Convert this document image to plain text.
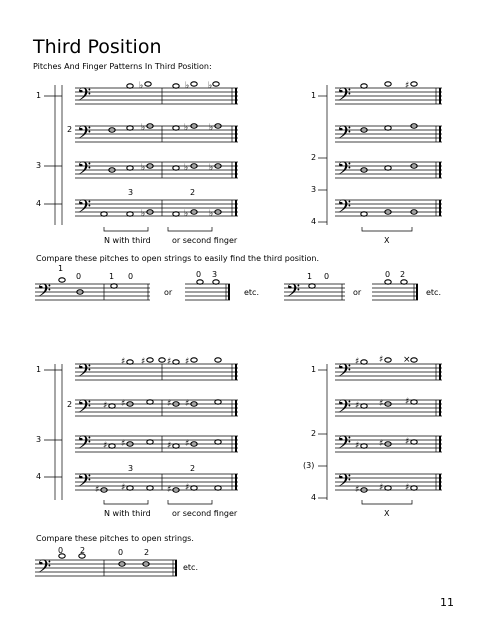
Third Position
Pitches And Finger Patterns In Third Position:
𝄢
𝄢
𝄢
𝄢
𝄢
𝄢
𝄢
𝄢
𝄢	𝄢
𝄢
𝄢
𝄢
𝄢
𝄢
𝄢
𝄢
𝄢
𝄢
♭	♭ ♭
♭	♭ ♭
♭	♭ ♭
♭	♭ ♭
♯
♯ ♯ ♯ ♯
♯ ♯	♯ ♯
♯ ♯	♯ ♯
♯ ♯	♯ ♯
♯ ♯ ×
♯ ♯ ♯
♯ ♯ ♯
♯ ♯ ♯
1
2
3
4
3	2
N with third	or second finger
1
2
3
4
X
Compare these pitches to open strings to easily find the third position.
1
0	1 0
or
0 3
etc.
1 0
or
0 2
etc.
1
2
3
4
3	2
N with third	or second finger
1
2
(3)
4
X
Compare these pitches to open strings.
0 2	0	2
etc.
11
